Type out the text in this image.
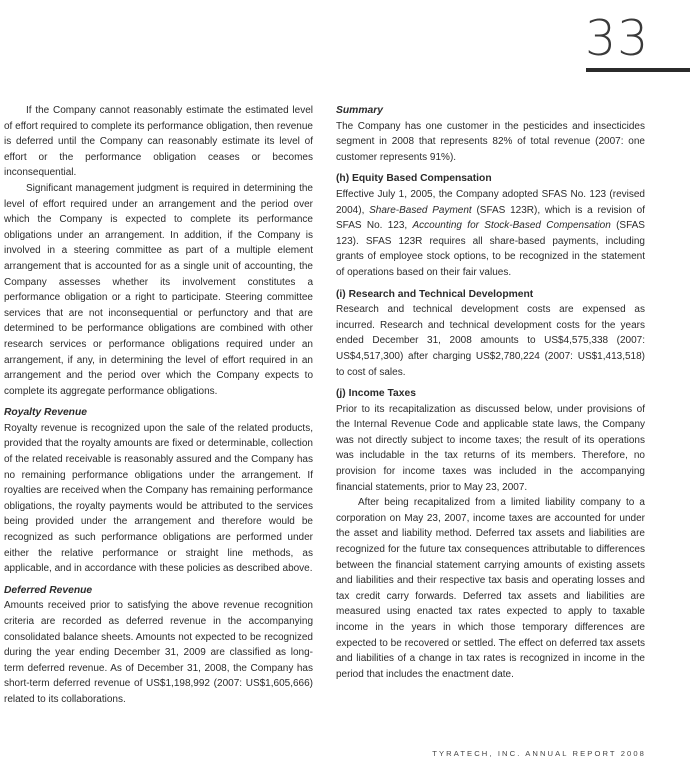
33

If the Company cannot reasonably estimate the estimated level of effort required to complete its performance obligation, then revenue is deferred until the Company can reasonably estimate its level of effort or the performance obligation ceases or becomes inconsequential.

Significant management judgment is required in determining the level of effort required under an arrangement and the period over which the Company is expected to complete its performance obligations under an arrangement. In addition, if the Company is involved in a steering committee as part of a multiple element arrangement that is accounted for as a single unit of accounting, the Company assesses whether its involvement constitutes a performance obligation or a right to participate. Steering committee services that are not inconsequential or perfunctory and that are determined to be performance obligations are combined with other research services or performance obligations required under an arrangement, if any, in determining the level of effort required in an arrangement and the period over which the Company expects to complete its aggregate performance obligations.

Royalty Revenue

Royalty revenue is recognized upon the sale of the related products, provided that the royalty amounts are fixed or determinable, collection of the related receivable is reasonably assured and the Company has no remaining performance obligations under the arrangement. If royalties are received when the Company has remaining performance obligations, the royalty payments would be attributed to the services being provided under the arrangement and therefore would be recognized as such performance obligations are performed under either the relative performance or straight line methods, as applicable, and in accordance with these policies as described above.

Deferred Revenue

Amounts received prior to satisfying the above revenue recognition criteria are recorded as deferred revenue in the accompanying consolidated balance sheets. Amounts not expected to be recognized during the year ending December 31, 2009 are classified as long-term deferred revenue. As of December 31, 2008, the Company has short-term deferred revenue of US$1,198,992 (2007: US$1,605,666) related to its collaborations.

Summary

The Company has one customer in the pesticides and insecticides segment in 2008 that represents 82% of total revenue (2007: one customer represents 91%).

(h) Equity Based Compensation

Effective July 1, 2005, the Company adopted SFAS No. 123 (revised 2004), Share-Based Payment (SFAS 123R), which is a revision of SFAS No. 123, Accounting for Stock-Based Compensation (SFAS 123). SFAS 123R requires all share-based payments, including grants of employee stock options, to be recognized in the statement of operations based on their fair values.

(i) Research and Technical Development

Research and technical development costs are expensed as incurred. Research and technical development costs for the years ended December 31, 2008 amounts to US$4,575,338 (2007: US$4,517,300) after charging US$2,780,224 (2007: US$1,413,518) to cost of sales.

(j) Income Taxes

Prior to its recapitalization as discussed below, under provisions of the Internal Revenue Code and applicable state laws, the Company was not directly subject to income taxes; the result of its operations was includable in the tax returns of its members. Therefore, no provision for income taxes was included in the accompanying financial statements, prior to May 23, 2007.

After being recapitalized from a limited liability company to a corporation on May 23, 2007, income taxes are accounted for under the asset and liability method. Deferred tax assets and liabilities are recognized for the future tax consequences attributable to differences between the financial statement carrying amounts of existing assets and liabilities and their respective tax basis and operating losses and tax credit carry forwards. Deferred tax assets and liabilities are measured using enacted tax rates expected to apply to taxable income in the years in which those temporary differences are expected to be recovered or settled. The effect on deferred tax assets and liabilities of a change in tax rates is recognized in income in the period that includes the enactment date.

TYRATECH, INC. ANNUAL REPORT 2008
